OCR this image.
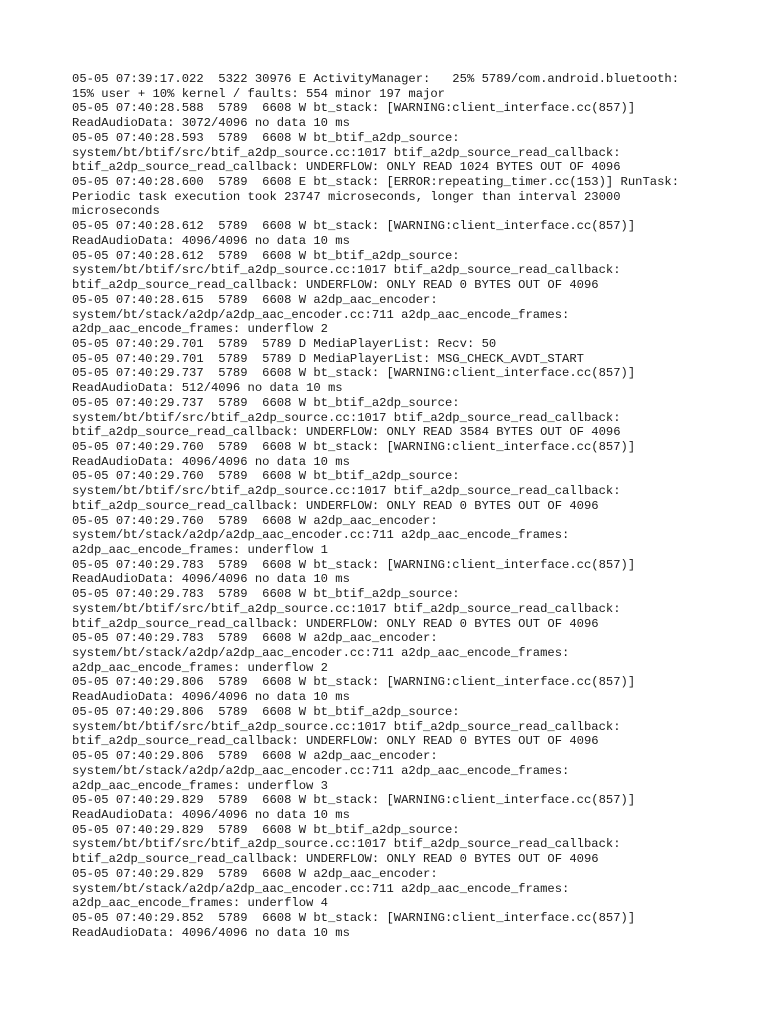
05-05 07:39:17.022  5322 30976 E ActivityManager:   25% 5789/com.android.bluetooth:
15% user + 10% kernel / faults: 554 minor 197 major
05-05 07:40:28.588  5789  6608 W bt_stack: [WARNING:client_interface.cc(857)]
ReadAudioData: 3072/4096 no data 10 ms
05-05 07:40:28.593  5789  6608 W bt_btif_a2dp_source:
system/bt/btif/src/btif_a2dp_source.cc:1017 btif_a2dp_source_read_callback:
btif_a2dp_source_read_callback: UNDERFLOW: ONLY READ 1024 BYTES OUT OF 4096
05-05 07:40:28.600  5789  6608 E bt_stack: [ERROR:repeating_timer.cc(153)] RunTask:
Periodic task execution took 23747 microseconds, longer than interval 23000
microseconds
05-05 07:40:28.612  5789  6608 W bt_stack: [WARNING:client_interface.cc(857)]
ReadAudioData: 4096/4096 no data 10 ms
05-05 07:40:28.612  5789  6608 W bt_btif_a2dp_source:
system/bt/btif/src/btif_a2dp_source.cc:1017 btif_a2dp_source_read_callback:
btif_a2dp_source_read_callback: UNDERFLOW: ONLY READ 0 BYTES OUT OF 4096
05-05 07:40:28.615  5789  6608 W a2dp_aac_encoder:
system/bt/stack/a2dp/a2dp_aac_encoder.cc:711 a2dp_aac_encode_frames:
a2dp_aac_encode_frames: underflow 2
05-05 07:40:29.701  5789  5789 D MediaPlayerList: Recv: 50
05-05 07:40:29.701  5789  5789 D MediaPlayerList: MSG_CHECK_AVDT_START
05-05 07:40:29.737  5789  6608 W bt_stack: [WARNING:client_interface.cc(857)]
ReadAudioData: 512/4096 no data 10 ms
05-05 07:40:29.737  5789  6608 W bt_btif_a2dp_source:
system/bt/btif/src/btif_a2dp_source.cc:1017 btif_a2dp_source_read_callback:
btif_a2dp_source_read_callback: UNDERFLOW: ONLY READ 3584 BYTES OUT OF 4096
05-05 07:40:29.760  5789  6608 W bt_stack: [WARNING:client_interface.cc(857)]
ReadAudioData: 4096/4096 no data 10 ms
05-05 07:40:29.760  5789  6608 W bt_btif_a2dp_source:
system/bt/btif/src/btif_a2dp_source.cc:1017 btif_a2dp_source_read_callback:
btif_a2dp_source_read_callback: UNDERFLOW: ONLY READ 0 BYTES OUT OF 4096
05-05 07:40:29.760  5789  6608 W a2dp_aac_encoder:
system/bt/stack/a2dp/a2dp_aac_encoder.cc:711 a2dp_aac_encode_frames:
a2dp_aac_encode_frames: underflow 1
05-05 07:40:29.783  5789  6608 W bt_stack: [WARNING:client_interface.cc(857)]
ReadAudioData: 4096/4096 no data 10 ms
05-05 07:40:29.783  5789  6608 W bt_btif_a2dp_source:
system/bt/btif/src/btif_a2dp_source.cc:1017 btif_a2dp_source_read_callback:
btif_a2dp_source_read_callback: UNDERFLOW: ONLY READ 0 BYTES OUT OF 4096
05-05 07:40:29.783  5789  6608 W a2dp_aac_encoder:
system/bt/stack/a2dp/a2dp_aac_encoder.cc:711 a2dp_aac_encode_frames:
a2dp_aac_encode_frames: underflow 2
05-05 07:40:29.806  5789  6608 W bt_stack: [WARNING:client_interface.cc(857)]
ReadAudioData: 4096/4096 no data 10 ms
05-05 07:40:29.806  5789  6608 W bt_btif_a2dp_source:
system/bt/btif/src/btif_a2dp_source.cc:1017 btif_a2dp_source_read_callback:
btif_a2dp_source_read_callback: UNDERFLOW: ONLY READ 0 BYTES OUT OF 4096
05-05 07:40:29.806  5789  6608 W a2dp_aac_encoder:
system/bt/stack/a2dp/a2dp_aac_encoder.cc:711 a2dp_aac_encode_frames:
a2dp_aac_encode_frames: underflow 3
05-05 07:40:29.829  5789  6608 W bt_stack: [WARNING:client_interface.cc(857)]
ReadAudioData: 4096/4096 no data 10 ms
05-05 07:40:29.829  5789  6608 W bt_btif_a2dp_source:
system/bt/btif/src/btif_a2dp_source.cc:1017 btif_a2dp_source_read_callback:
btif_a2dp_source_read_callback: UNDERFLOW: ONLY READ 0 BYTES OUT OF 4096
05-05 07:40:29.829  5789  6608 W a2dp_aac_encoder:
system/bt/stack/a2dp/a2dp_aac_encoder.cc:711 a2dp_aac_encode_frames:
a2dp_aac_encode_frames: underflow 4
05-05 07:40:29.852  5789  6608 W bt_stack: [WARNING:client_interface.cc(857)]
ReadAudioData: 4096/4096 no data 10 ms
